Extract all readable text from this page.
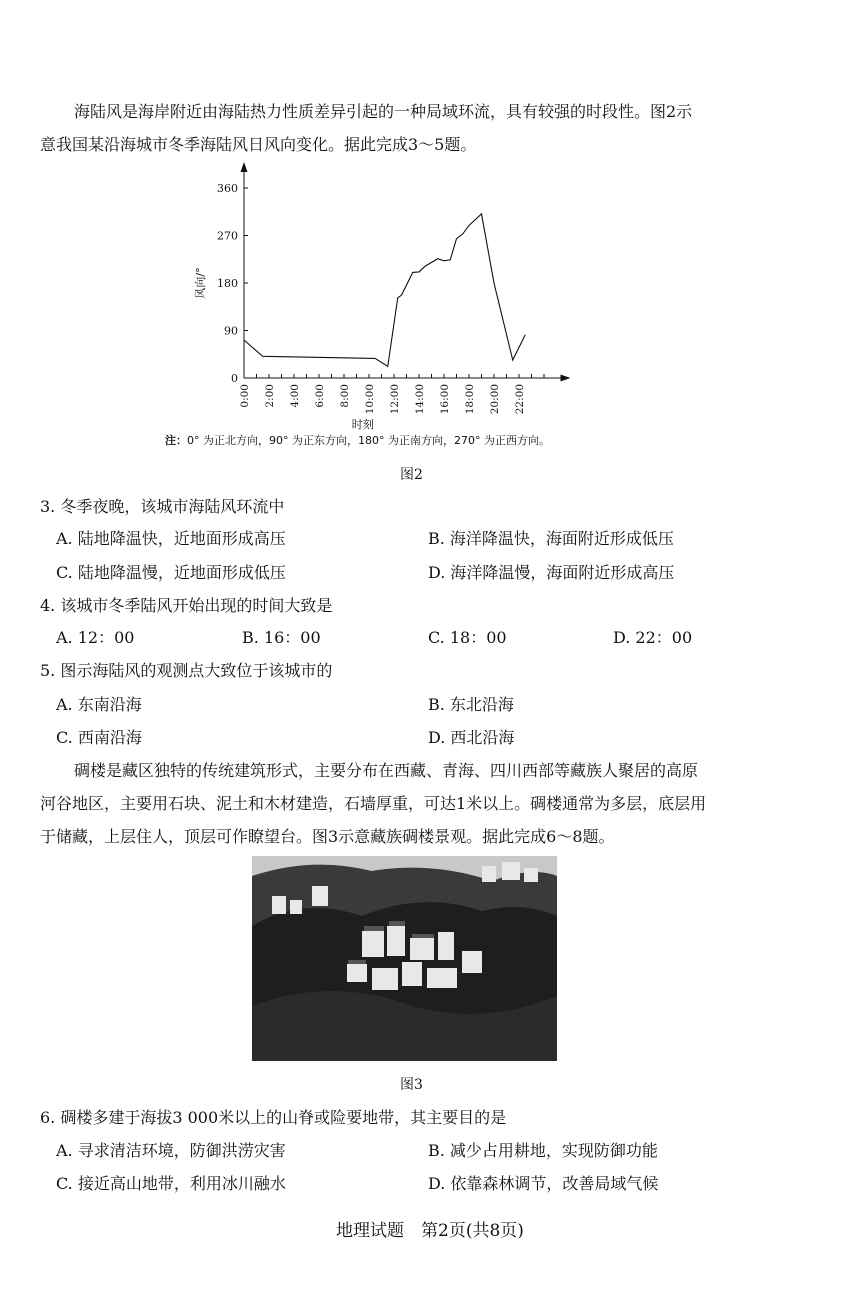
海陆风是海岸附近由海陆热力性质差异引起的一种局域环流，具有较强的时段性。图2示
意我国某沿海城市冬季海陆风日风向变化。据此完成3～5题。
0
90
180
270
360
风向/°
0:00 2:00 4:00 6:00 8:00 10:00 12:00 14:00 16:00 18:00 20:00 22:00
时刻
注：0° 为正北方向，90° 为正东方向，180° 为正南方向，270° 为正西方向。
图2
3. 冬季夜晚，该城市海陆风环流中
A. 陆地降温快，近地面形成高压	B. 海洋降温快，海面附近形成低压
C. 陆地降温慢，近地面形成低压	D. 海洋降温慢，海面附近形成高压
4. 该城市冬季陆风开始出现的时间大致是
A. 12：00	B. 16：00	C. 18：00	D. 22：00
5. 图示海陆风的观测点大致位于该城市的
A. 东南沿海	B. 东北沿海
C. 西南沿海	D. 西北沿海
碉楼是藏区独特的传统建筑形式，主要分布在西藏、青海、四川西部等藏族人聚居的高原
河谷地区，主要用石块、泥土和木材建造，石墙厚重，可达1米以上。碉楼通常为多层，底层用
于储藏，上层住人，顶层可作瞭望台。图3示意藏族碉楼景观。据此完成6～8题。
图3
6. 碉楼多建于海拔3 000米以上的山脊或险要地带，其主要目的是
A. 寻求清洁环境，防御洪涝灾害	B. 减少占用耕地，实现防御功能
C. 接近高山地带，利用冰川融水	D. 依靠森林调节，改善局域气候
地理试题　第2页(共8页)
